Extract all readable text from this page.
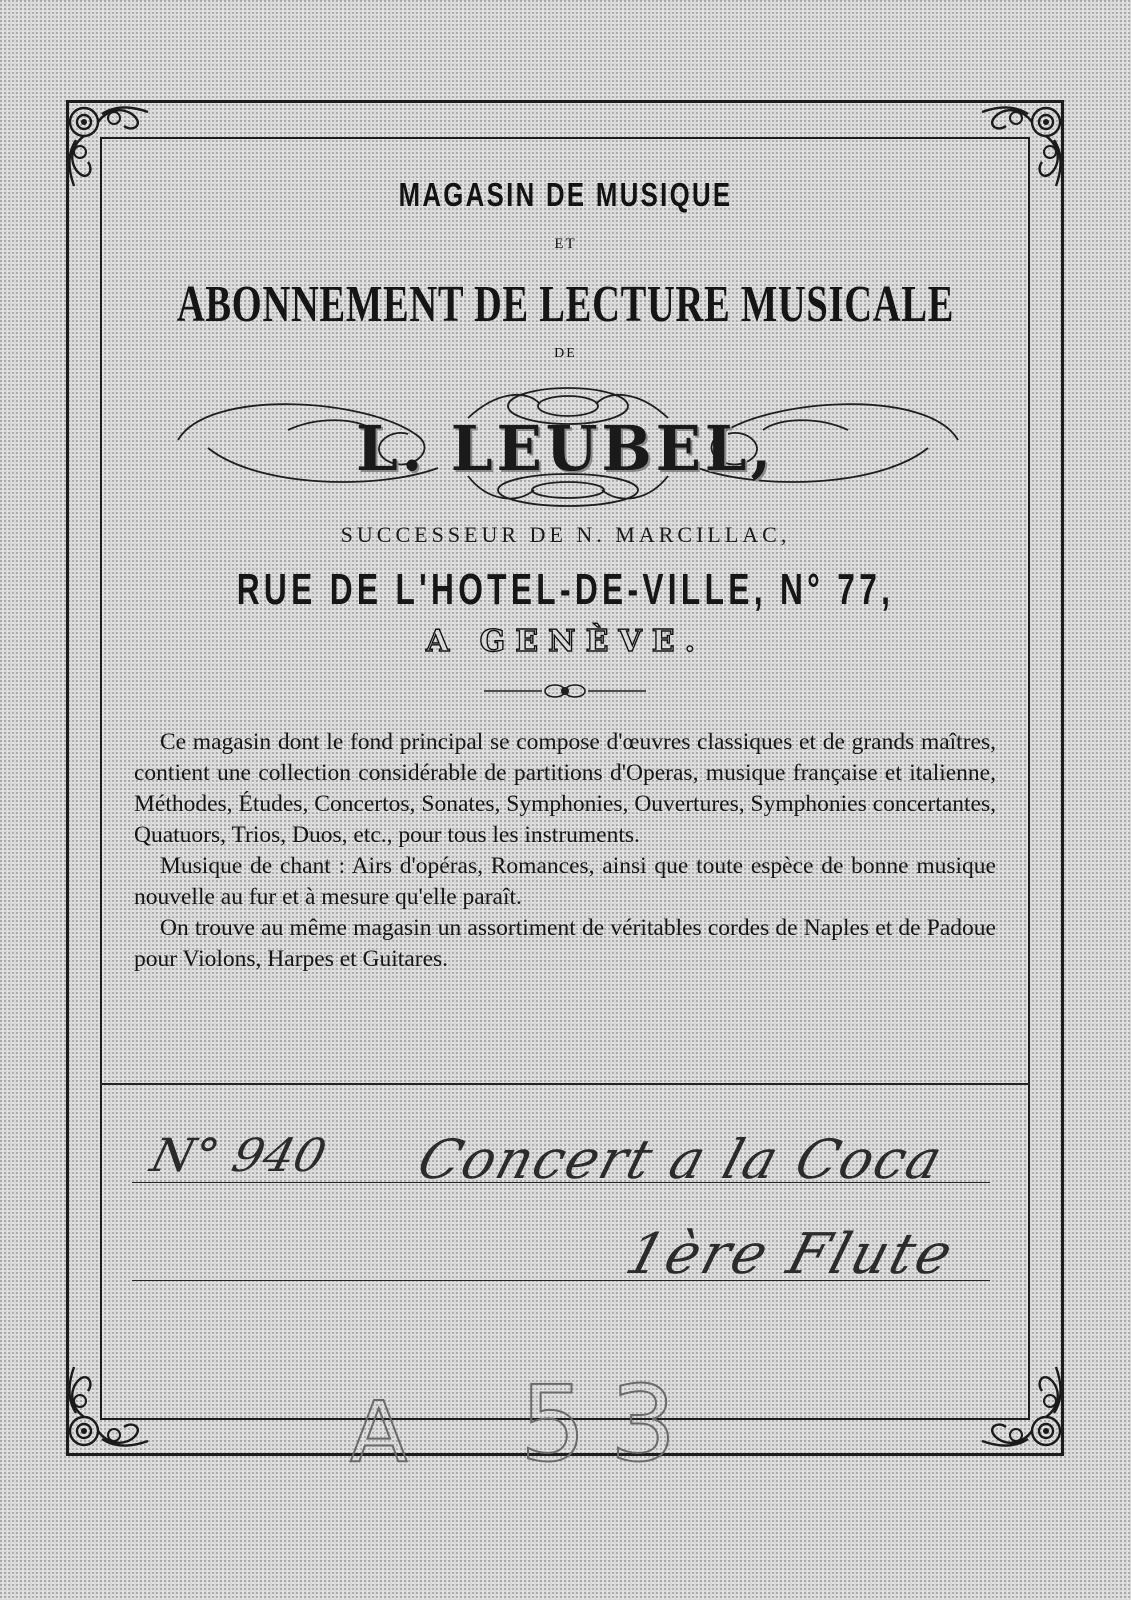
MAGASIN DE MUSIQUE
ET
ABONNEMENT DE LECTURE MUSICALE
DE
L. LEUBEL,
SUCCESSEUR DE N. MARCILLAC,
RUE DE L'HOTEL-DE-VILLE, N° 77,
A GENÈVE.

Ce magasin dont le fond principal se compose d'œuvres classiques et de grands maîtres, contient une collection considérable de partitions d'Operas, musique française et italienne, Méthodes, Études, Concertos, Sonates, Symphonies, Ouvertures, Symphonies concertantes, Quatuors, Trios, Duos, etc., pour tous les instruments.

Musique de chant : Airs d'opéras, Romances, ainsi que toute espèce de bonne musique nouvelle au fur et à mesure qu'elle paraît.

On trouve au même magasin un assortiment de véritables cordes de Naples et de Padoue pour Violons, Harpes et Guitares.

N° 940 Concert a la Coca
1ère Flute
A 53
